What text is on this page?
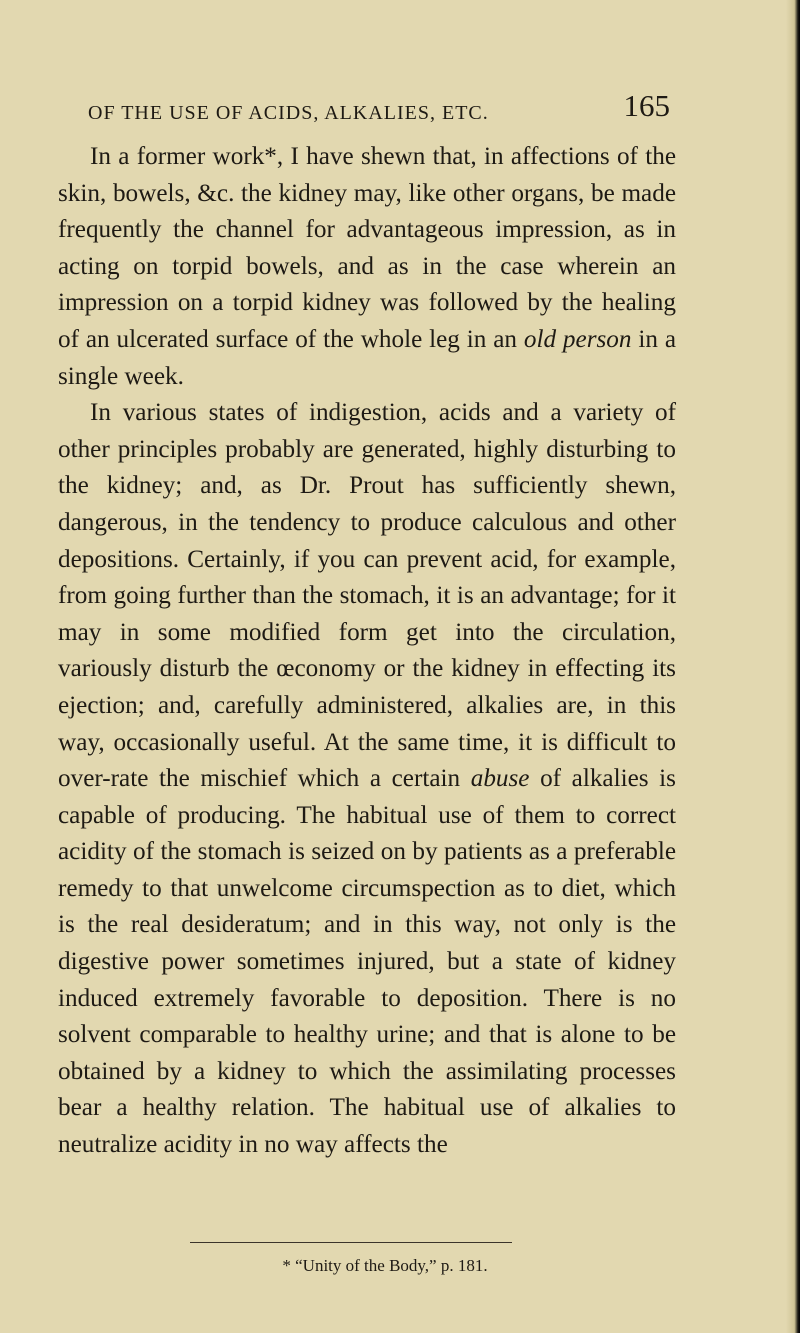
OF THE USE OF ACIDS, ALKALIES, ETC.	165

In a former work*, I have shewn that, in affections of the skin, bowels, &c. the kidney may, like other organs, be made frequently the channel for advantageous impression, as in acting on torpid bowels, and as in the case wherein an impression on a torpid kidney was followed by the healing of an ulcerated surface of the whole leg in an old person in a single week.

In various states of indigestion, acids and a variety of other principles probably are generated, highly disturbing to the kidney; and, as Dr. Prout has sufficiently shewn, dangerous, in the tendency to produce calculous and other depositions. Certainly, if you can prevent acid, for example, from going further than the stomach, it is an advantage; for it may in some modified form get into the circulation, variously disturb the œconomy or the kidney in effecting its ejection; and, carefully administered, alkalies are, in this way, occasionally useful. At the same time, it is difficult to over-rate the mischief which a certain abuse of alkalies is capable of producing. The habitual use of them to correct acidity of the stomach is seized on by patients as a preferable remedy to that unwelcome circumspection as to diet, which is the real desideratum; and in this way, not only is the digestive power sometimes injured, but a state of kidney induced extremely favorable to deposition. There is no solvent comparable to healthy urine; and that is alone to be obtained by a kidney to which the assimilating processes bear a healthy relation. The habitual use of alkalies to neutralize acidity in no way affects the

* “Unity of the Body,” p. 181.
